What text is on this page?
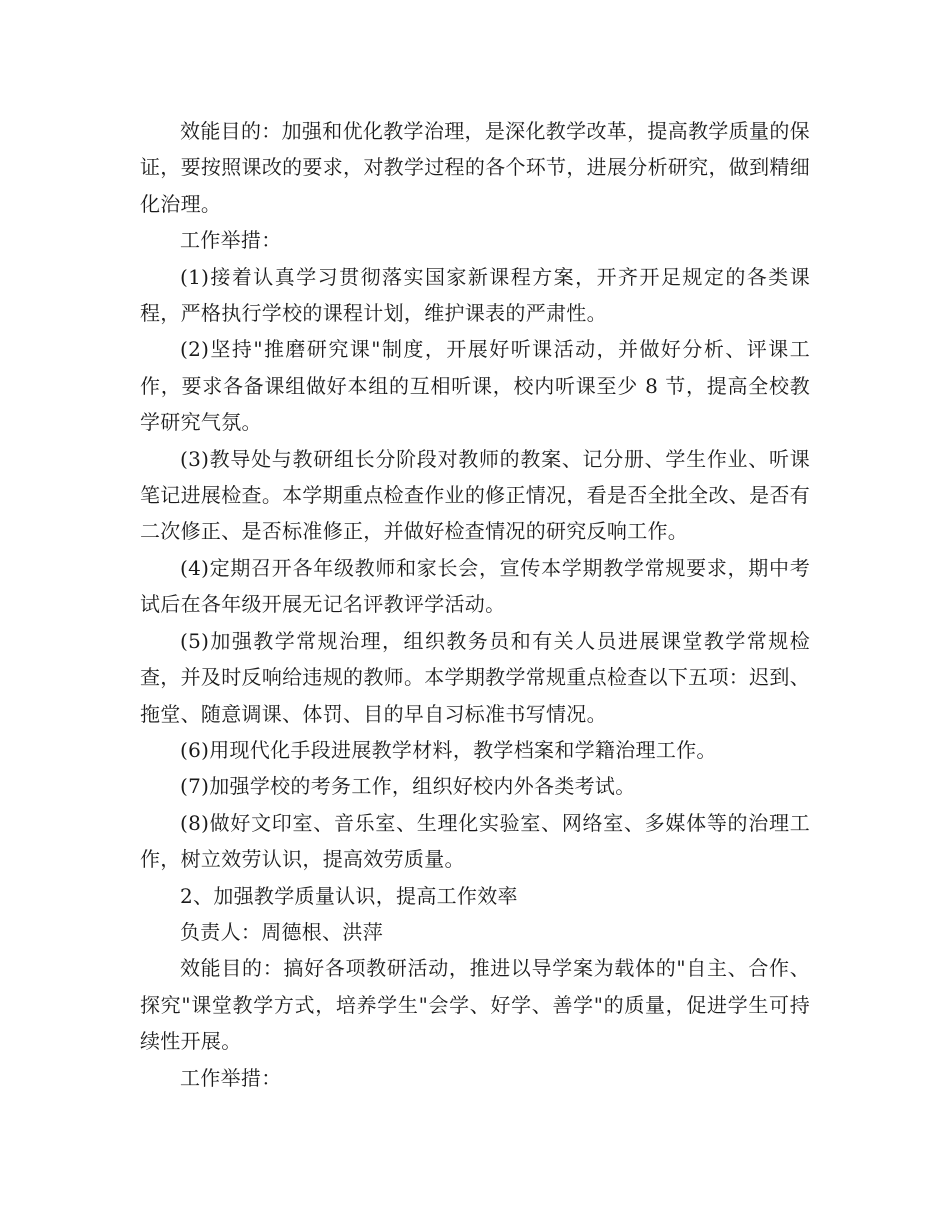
效能目的：加强和优化教学治理，是深化教学改革，提高教学质量的保证，要按照课改的要求，对教学过程的各个环节，进展分析研究，做到精细化治理。

工作举措：

(1)接着认真学习贯彻落实国家新课程方案，开齐开足规定的各类课程，严格执行学校的课程计划，维护课表的严肃性。

(2)坚持"推磨研究课"制度，开展好听课活动，并做好分析、评课工作，要求各备课组做好本组的互相听课，校内听课至少 8 节，提高全校教学研究气氛。

(3)教导处与教研组长分阶段对教师的教案、记分册、学生作业、听课笔记进展检查。本学期重点检查作业的修正情况，看是否全批全改、是否有二次修正、是否标准修正，并做好检查情况的研究反响工作。

(4)定期召开各年级教师和家长会，宣传本学期教学常规要求，期中考试后在各年级开展无记名评教评学活动。

(5)加强教学常规治理，组织教务员和有关人员进展课堂教学常规检查，并及时反响给违规的教师。本学期教学常规重点检查以下五项：迟到、拖堂、随意调课、体罚、目的早自习标准书写情况。

(6)用现代化手段进展教学材料，教学档案和学籍治理工作。

(7)加强学校的考务工作，组织好校内外各类考试。

(8)做好文印室、音乐室、生理化实验室、网络室、多媒体等的治理工作，树立效劳认识，提高效劳质量。

2、加强教学质量认识，提高工作效率

负责人：周德根、洪萍

效能目的：搞好各项教研活动，推进以导学案为载体的"自主、合作、探究"课堂教学方式，培养学生"会学、好学、善学"的质量，促进学生可持续性开展。

工作举措：
